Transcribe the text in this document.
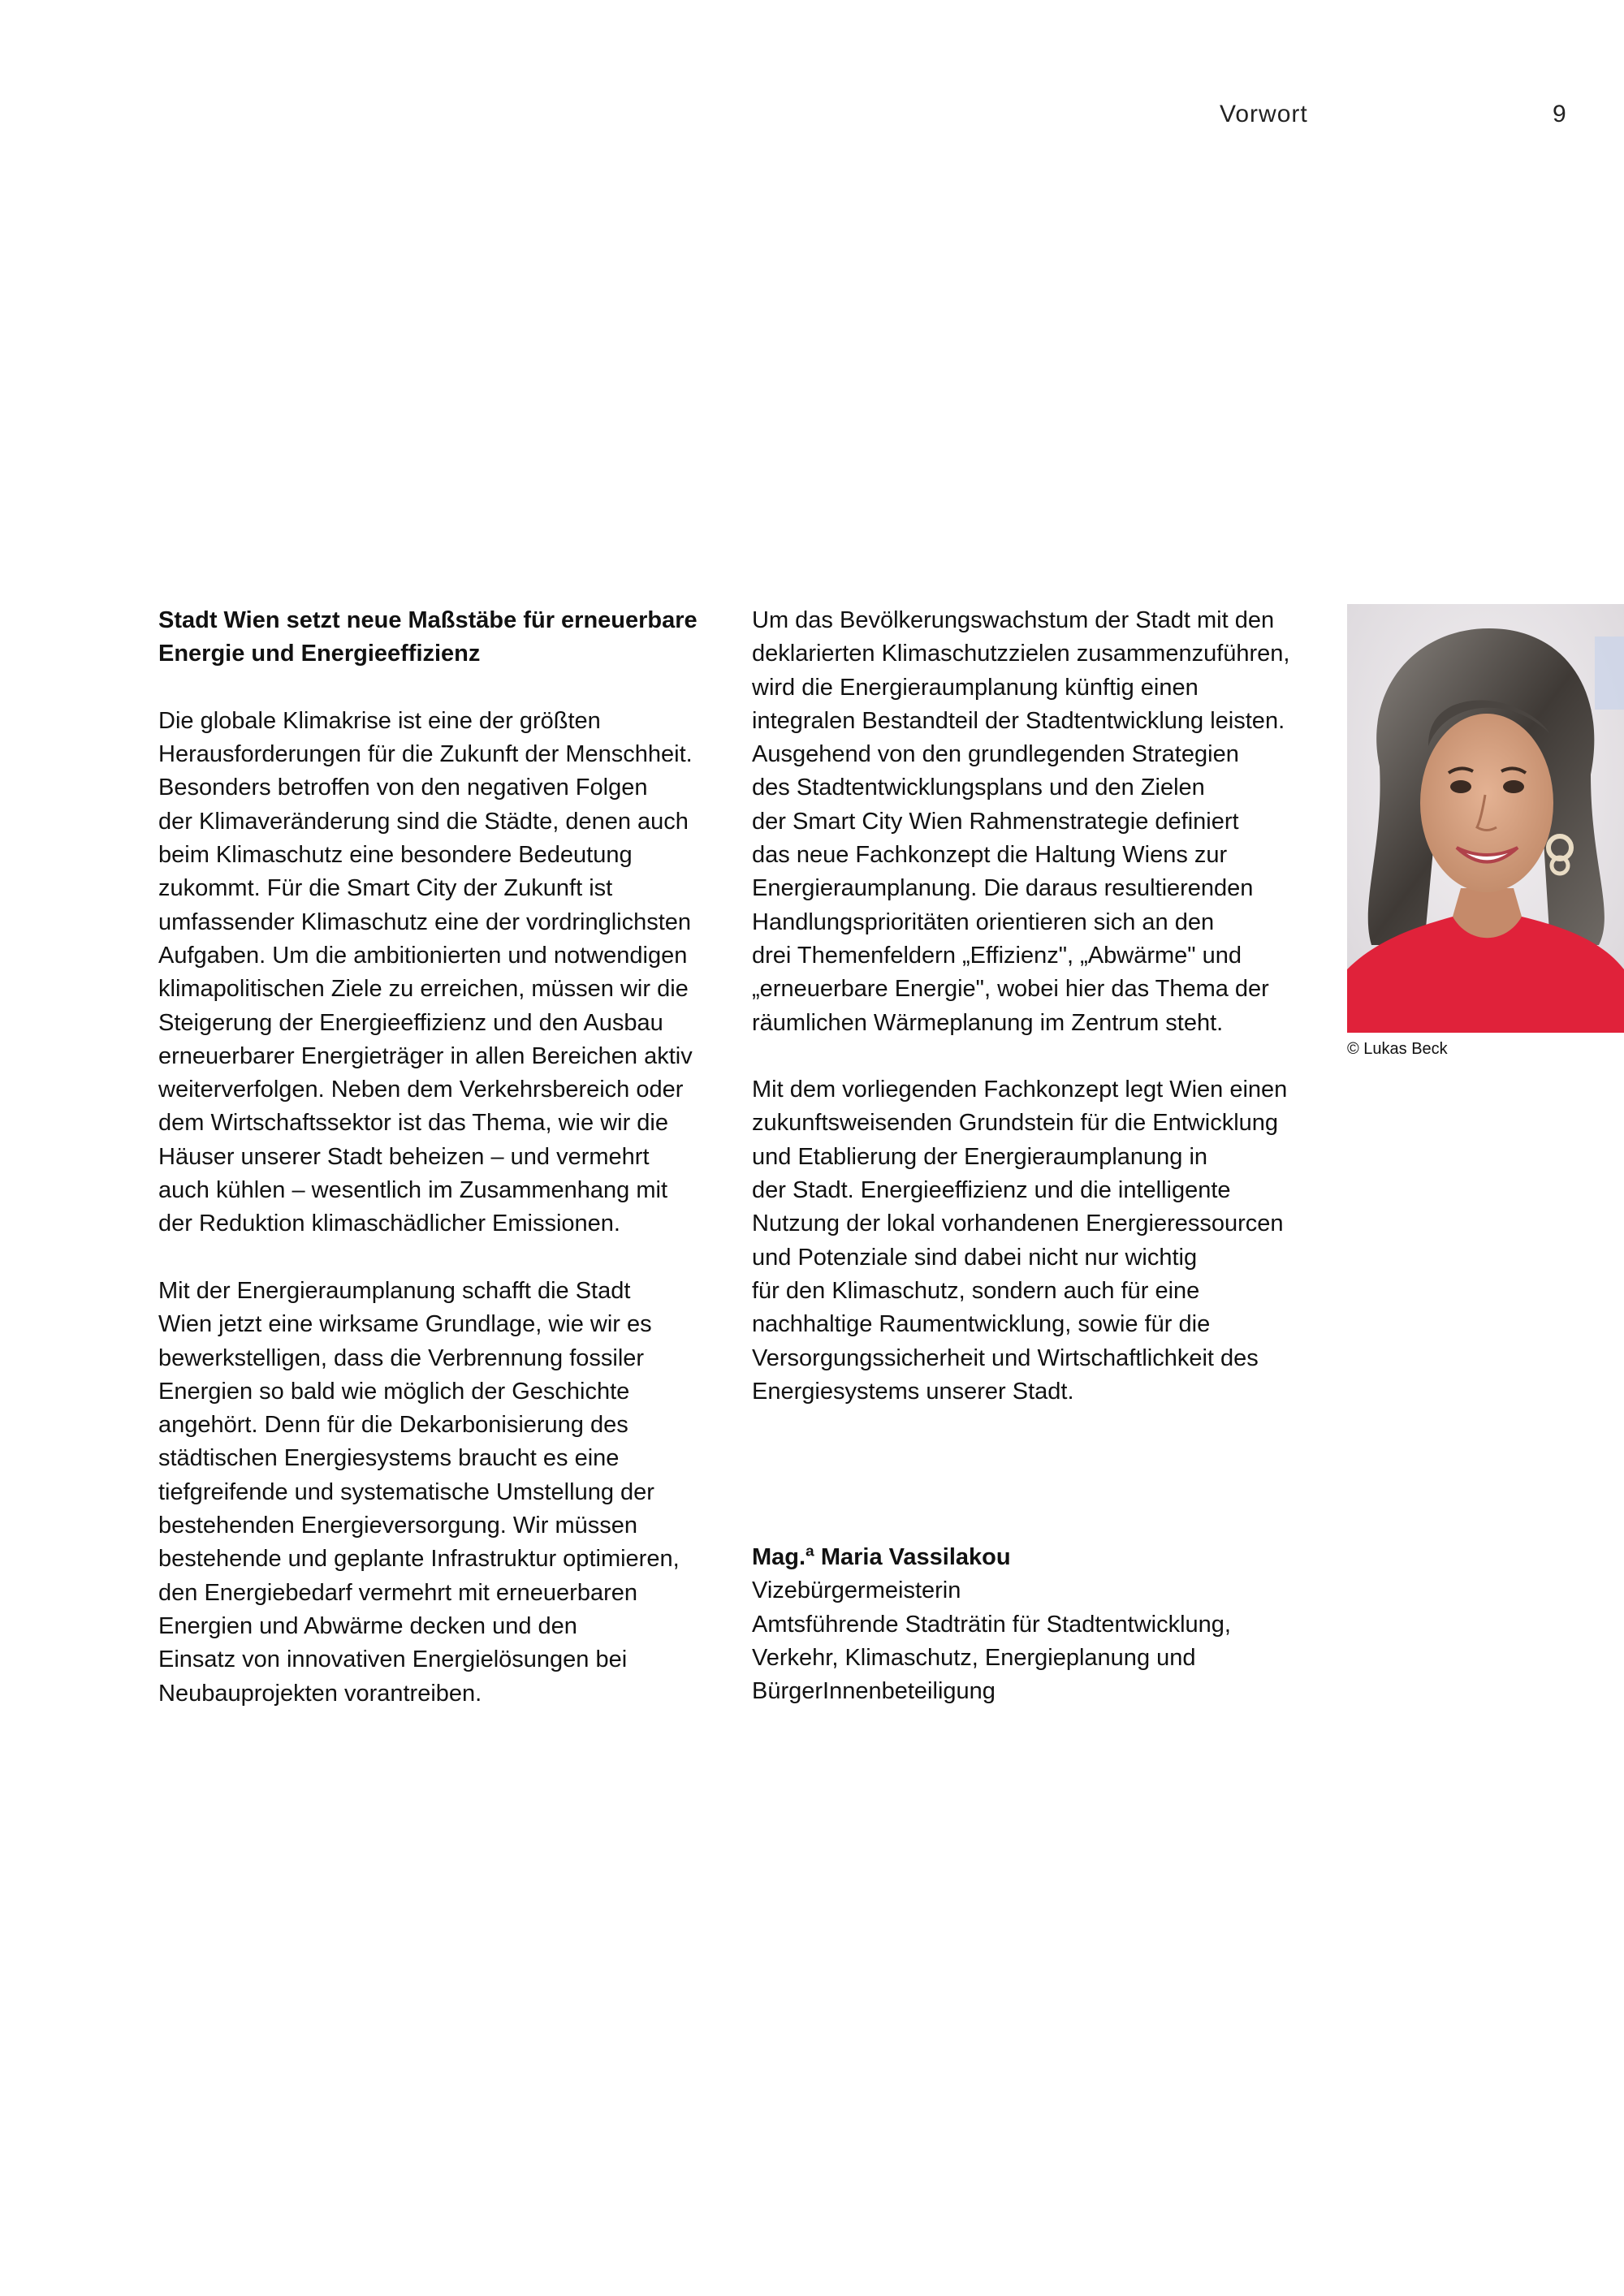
Vorwort	9

Stadt Wien setzt neue Maßstäbe für erneuerbare
Energie und Energieeffizienz

Die globale Klimakrise ist eine der größten
Herausforderungen für die Zukunft der Menschheit.
Besonders betroffen von den negativen Folgen
der Klimaveränderung sind die Städte, denen auch
beim Klimaschutz eine besondere Bedeutung
zukommt. Für die Smart City der Zukunft ist
umfassender Klimaschutz eine der vordringlichsten
Aufgaben. Um die ambitionierten und notwendigen
klimapolitischen Ziele zu erreichen, müssen wir die
Steigerung der Energieeffizienz und den Ausbau
erneuerbarer Energieträger in allen Bereichen aktiv
weiterverfolgen. Neben dem Verkehrsbereich oder
dem Wirtschaftssektor ist das Thema, wie wir die
Häuser unserer Stadt beheizen – und vermehrt
auch kühlen – wesentlich im Zusammenhang mit
der Reduktion klimaschädlicher Emissionen.

Mit der Energieraumplanung schafft die Stadt
Wien jetzt eine wirksame Grundlage, wie wir es
bewerkstelligen, dass die Verbrennung fossiler
Energien so bald wie möglich der Geschichte
angehört. Denn für die Dekarbonisierung des
städtischen Energiesystems braucht es eine
tiefgreifende und systematische Umstellung der
bestehenden Energieversorgung. Wir müssen
bestehende und geplante Infrastruktur optimieren,
den Energiebedarf vermehrt mit erneuerbaren
Energien und Abwärme decken und den
Einsatz von innovativen Energielösungen bei
Neubauprojekten vorantreiben.

Um das Bevölkerungswachstum der Stadt mit den
deklarierten Klimaschutzzielen zusammenzuführen,
wird die Energieraumplanung künftig einen
integralen Bestandteil der Stadtentwicklung leisten.
Ausgehend von den grundlegenden Strategien
des Stadtentwicklungsplans und den Zielen
der Smart City Wien Rahmenstrategie definiert
das neue Fachkonzept die Haltung Wiens zur
Energieraumplanung. Die daraus resultierenden
Handlungsprioritäten orientieren sich an den
drei Themenfeldern „Effizienz", „Abwärme" und
„erneuerbare Energie", wobei hier das Thema der
räumlichen Wärmeplanung im Zentrum steht.

Mit dem vorliegenden Fachkonzept legt Wien einen
zukunftsweisenden Grundstein für die Entwicklung
und Etablierung der Energieraumplanung in
der Stadt. Energieeffizienz und die intelligente
Nutzung der lokal vorhandenen Energieressourcen
und Potenziale sind dabei nicht nur wichtig
für den Klimaschutz, sondern auch für eine
nachhaltige Raumentwicklung, sowie für die
Versorgungssicherheit und Wirtschaftlichkeit des
Energiesystems unserer Stadt.

Mag.ª Maria Vassilakou
Vizebürgermeisterin
Amtsführende Stadträtin für Stadtentwicklung,
Verkehr, Klimaschutz, Energieplanung und
BürgerInnenbeteiligung
© Lukas Beck
